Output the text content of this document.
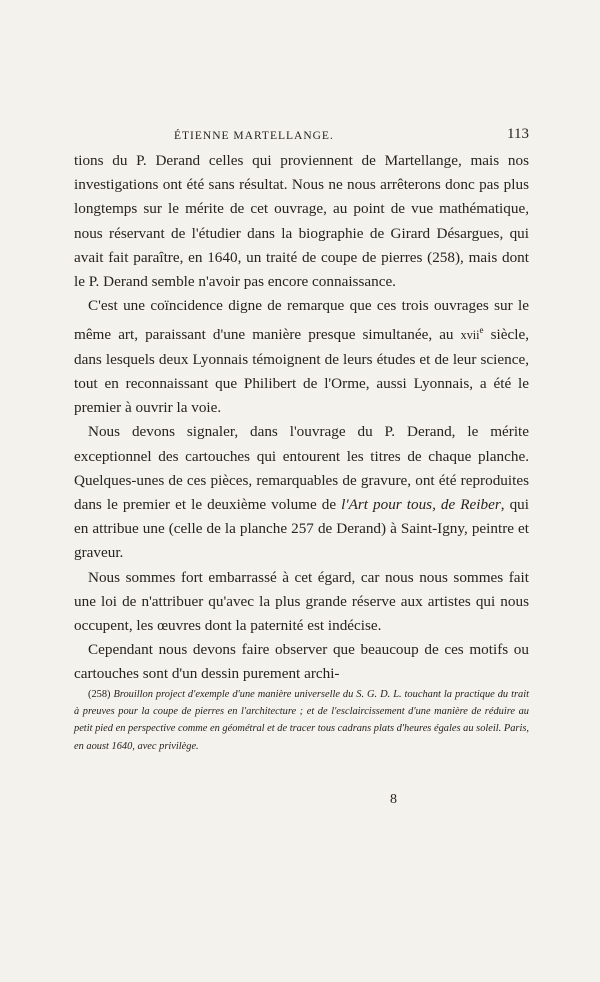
ÉTIENNE MARTELLANGE.	113

tions du P. Derand celles qui proviennent de Martellange, mais nos investigations ont été sans résultat. Nous ne nous arrêterons donc pas plus longtemps sur le mérite de cet ouvrage, au point de vue mathématique, nous réservant de l'étudier dans la biographie de Girard Désargues, qui avait fait paraître, en 1640, un traité de coupe de pierres (258), mais dont le P. Derand semble n'avoir pas encore connaissance.

C'est une coïncidence digne de remarque que ces trois ouvrages sur le même art, paraissant d'une manière presque simultanée, au xvii$^e$ siècle, dans lesquels deux Lyonnais témoignent de leurs études et de leur science, tout en reconnaissant que Philibert de l'Orme, aussi Lyonnais, a été le premier à ouvrir la voie.

Nous devons signaler, dans l'ouvrage du P. Derand, le mérite exceptionnel des cartouches qui entourent les titres de chaque planche. Quelques-unes de ces pièces, remarquables de gravure, ont été reproduites dans le premier et le deuxième volume de l'Art pour tous, de Reiber, qui en attribue une (celle de la planche 257 de Derand) à Saint-Igny, peintre et graveur.

Nous sommes fort embarrassé à cet égard, car nous nous sommes fait une loi de n'attribuer qu'avec la plus grande réserve aux artistes qui nous occupent, les œuvres dont la paternité est indécise.

Cependant nous devons faire observer que beaucoup de ces motifs ou cartouches sont d'un dessin purement archi-

(258) Brouillon project d'exemple d'une manière universelle du S. G. D. L. touchant la practique du trait à preuves pour la coupe de pierres en l'architecture ; et de l'esclaircissement d'une manière de réduire au petit pied en perspective comme en géométral et de tracer tous cadrans plats d'heures égales au soleil. Paris, en aoust 1640, avec privilège.

8
